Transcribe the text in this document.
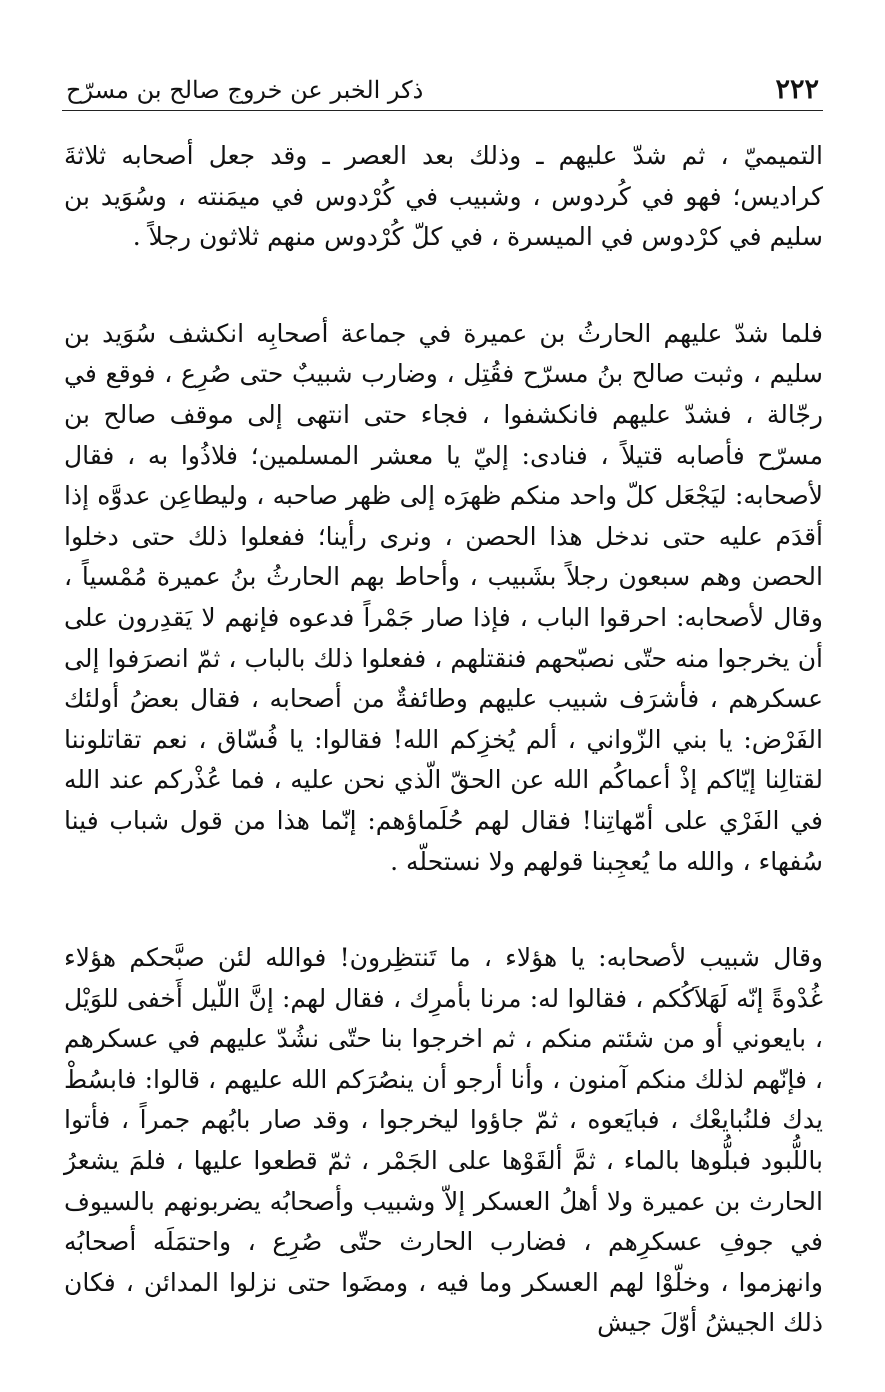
٢٢٢
ذكر الخبر عن خروج صالح بن مسرّح

التميميّ ، ثم شدّ عليهم ـ وذلك بعد العصر ـ وقد جعل أصحابه ثلاثةَ كراديس؛ فهو في كُردوس ، وشبيب في كُرْدوس في ميمَنته ، وسُوَيد بن سليم في كرْدوس في الميسرة ، في كلّ كُرْدوس منهم ثلاثون رجلاً .

فلما شدّ عليهم الحارثُ بن عميرة في جماعة أصحابِه انكشف سُوَيد بن سليم ، وثبت صالح بنُ مسرّح فقُتِل ، وضارب شبيبٌ حتى صُرِع ، فوقع في رجّالة ، فشدّ عليهم فانكشفوا ، فجاء حتى انتهى إلى موقف صالح بن مسرّح فأصابه قتيلاً ، فنادى: إليّ يا معشر المسلمين؛ فلاذُوا به ، فقال لأصحابه: ليَجْعَل كلّ واحد منكم ظهرَه إلى ظهر صاحبه ، وليطاعِن عدوَّه إذا أقدَم عليه حتى ندخل هذا الحصن ، ونرى رأينا؛ ففعلوا ذلك حتى دخلوا الحصن وهم سبعون رجلاً بشَبيب ، وأحاط بهم الحارثُ بنُ عميرة مُمْسياً ، وقال لأصحابه: احرقوا الباب ، فإذا صار جَمْراً فدعوه فإنهم لا يَقدِرون على أن يخرجوا منه حتّى نصبّحهم فنقتلهم ، ففعلوا ذلك بالباب ، ثمّ انصرَفوا إلى عسكرهم ، فأشرَف شبيب عليهم وطائفةٌ من أصحابه ، فقال بعضُ أولئك الفَرْض: يا بني الزّواني ، ألم يُخزِكم الله! فقالوا: يا فُسّاق ، نعم تقاتلوننا لقتالِنا إيّاكم إذْ أعماكُم الله عن الحقّ الّذي نحن عليه ، فما عُذْركم عند الله في الفَرْي على أمّهاتِنا! فقال لهم حُلَماؤهم: إنّما هذا من قول شباب فينا سُفهاء ، والله ما يُعجِبنا قولهم ولا نستحلّه .

وقال شبيب لأصحابه: يا هؤلاء ، ما تَنتظِرون! فوالله لئن صبَّحكم هؤلاء غُدْوةً إنّه لَهَلاَكُكم ، فقالوا له: مرنا بأمرِك ، فقال لهم: إنَّ اللّيل أَخفى للوَيْل ، بايعوني أو من شئتم منكم ، ثم اخرجوا بنا حتّى نشُدّ عليهم في عسكرهم ، فإنّهم لذلك منكم آمنون ، وأنا أرجو أن ينصُرَكم الله عليهم ، قالوا: فابسُطْ يدك فلنُبايعْك ، فبايَعوه ، ثمّ جاؤوا ليخرجوا ، وقد صار بابُهم جمراً ، فأتوا باللُّبود فبلُّوها بالماء ، ثمَّ ألقَوْها على الجَمْر ، ثمّ قطعوا عليها ، فلمَ يشعرُ الحارث بن عميرة ولا أهلُ العسكر إلاّ وشبيب وأصحابُه يضربونهم بالسيوف في جوفِ عسكرِهم ، فضارب الحارث حتّى صُرِع ، واحتمَلَه أصحابُه وانهزموا ، وخلّوْا لهم العسكر وما فيه ، ومضَوا حتى نزلوا المدائن ، فكان ذلك الجيشُ أوّلَ جيش
